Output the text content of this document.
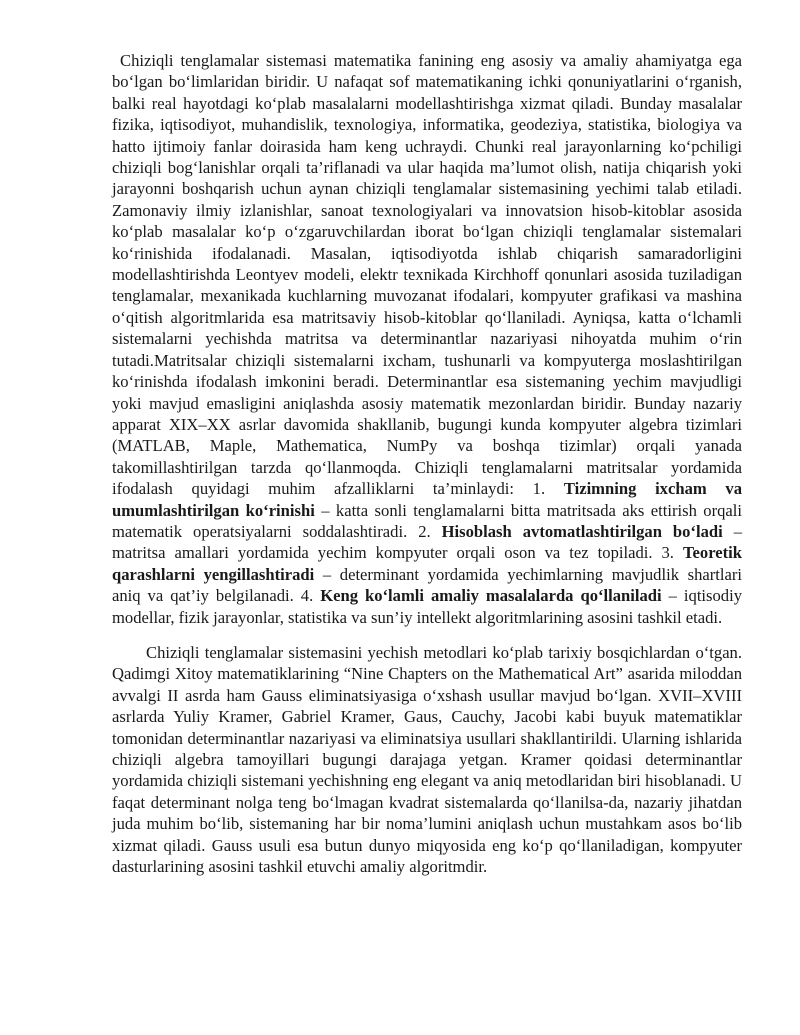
Chiziqli tenglamalar sistemasi matematika fanining eng asosiy va amaliy ahamiyatga ega bo‘lgan bo‘limlaridan biridir. U nafaqat sof matematikaning ichki qonuniyatlarini o‘rganish, balki real hayotdagi ko‘plab masalalarni modellashtirishga xizmat qiladi. Bunday masalalar fizika, iqtisodiyot, muhandislik, texnologiya, informatika, geodeziya, statistika, biologiya va hatto ijtimoiy fanlar doirasida ham keng uchraydi. Chunki real jarayonlarning ko‘pchiligi chiziqli bog‘lanishlar orqali ta’riflanadi va ular haqida ma’lumot olish, natija chiqarish yoki jarayonni boshqarish uchun aynan chiziqli tenglamalar sistemasining yechimi talab etiladi. Zamonaviy ilmiy izlanishlar, sanoat texnologiyalari va innovatsion hisob-kitoblar asosida ko‘plab masalalar ko‘p o‘zgaruvchilardan iborat bo‘lgan chiziqli tenglamalar sistemalari ko‘rinishida ifodalanadi. Masalan, iqtisodiyotda ishlab chiqarish samaradorligini modellashtirishda Leontyev modeli, elektr texnikada Kirchhoff qonunlari asosida tuziladigan tenglamalar, mexanikada kuchlarning muvozanat ifodalari, kompyuter grafikasi va mashina o‘qitish algoritmlarida esa matritsaviy hisob-kitoblar qo‘llaniladi. Ayniqsa, katta o‘lchamli sistemalarni yechishda matritsa va determinantlar nazariyasi nihoyatda muhim o‘rin tutadi.Matritsalar chiziqli sistemalarni ixcham, tushunarli va kompyuterga moslashtirilgan ko‘rinishda ifodalash imkonini beradi. Determinantlar esa sistemaning yechim mavjudligi yoki mavjud emasligini aniqlashda asosiy matematik mezonlardan biridir. Bunday nazariy apparat XIX–XX asrlar davomida shakllanib, bugungi kunda kompyuter algebra tizimlari (MATLAB, Maple, Mathematica, NumPy va boshqa tizimlar) orqali yanada takomillashtirilgan tarzda qo‘llanmoqda. Chiziqli tenglamalarni matritsalar yordamida ifodalash quyidagi muhim afzalliklarni ta’minlaydi: 1. Tizimning ixcham va umumlashtirilgan ko‘rinishi – katta sonli tenglamalarni bitta matritsada aks ettirish orqali matematik operatsiyalarni soddalashtiradi. 2. Hisoblash avtomatlashtirilgan bo‘ladi – matritsa amallari yordamida yechim kompyuter orqali oson va tez topiladi. 3. Teoretik qarashlarni yengillashtiradi – determinant yordamida yechimlarning mavjudlik shartlari aniq va qat’iy belgilanadi. 4. Keng ko‘lamli amaliy masalalarda qo‘llaniladi – iqtisodiy modellar, fizik jarayonlar, statistika va sun’iy intellekt algoritmlarining asosini tashkil etadi.

Chiziqli tenglamalar sistemasini yechish metodlari ko‘plab tarixiy bosqichlardan o‘tgan. Qadimgi Xitoy matematiklarining “Nine Chapters on the Mathematical Art” asarida miloddan avvalgi II asrda ham Gauss eliminatsiyasiga o‘xshash usullar mavjud bo‘lgan. XVII–XVIII asrlarda Yuliy Kramer, Gabriel Kramer, Gaus, Cauchy, Jacobi kabi buyuk matematiklar tomonidan determinantlar nazariyasi va eliminatsiya usullari shakllantirildi. Ularning ishlarida chiziqli algebra tamoyillari bugungi darajaga yetgan. Kramer qoidasi determinantlar yordamida chiziqli sistemani yechishning eng elegant va aniq metodlaridan biri hisoblanadi. U faqat determinant nolga teng bo‘lmagan kvadrat sistemalarda qo‘llanilsa-da, nazariy jihatdan juda muhim bo‘lib, sistemaning har bir noma’lumini aniqlash uchun mustahkam asos bo‘lib xizmat qiladi. Gauss usuli esa butun dunyo miqyosida eng ko‘p qo‘llaniladigan, kompyuter dasturlarining asosini tashkil etuvchi amaliy algoritmdir.
